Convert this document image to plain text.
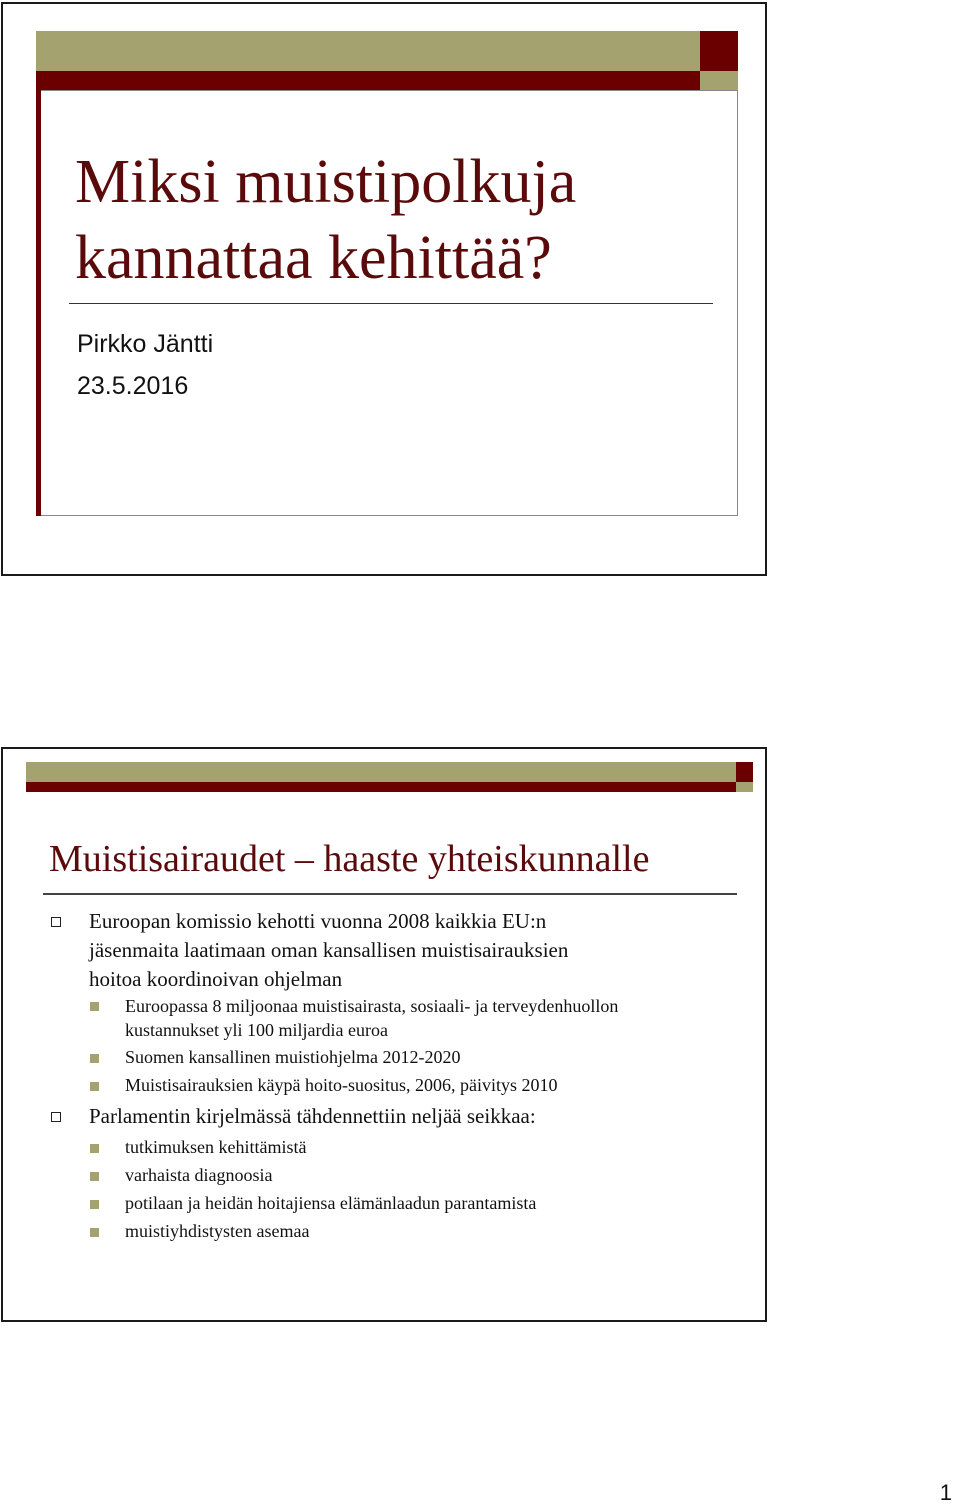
Miksi muistipolkuja
kannattaa kehittää?
Pirkko Jäntti
23.5.2016
Muistisairaudet – haaste yhteiskunnalle
Euroopan komissio kehotti vuonna 2008 kaikkia EU:n
jäsenmaita laatimaan oman kansallisen muistisairauksien
hoitoa koordinoivan ohjelman
Euroopassa 8 miljoonaa muistisairasta, sosiaali- ja terveydenhuollon
kustannukset yli 100 miljardia euroa
Suomen kansallinen muistiohjelma 2012-2020
Muistisairauksien käypä hoito-suositus, 2006, päivitys 2010
Parlamentin kirjelmässä tähdennettiin neljää seikkaa:
tutkimuksen kehittämistä
varhaista diagnoosia
potilaan ja heidän hoitajiensa elämänlaadun parantamista
muistiyhdistysten asemaa
1
